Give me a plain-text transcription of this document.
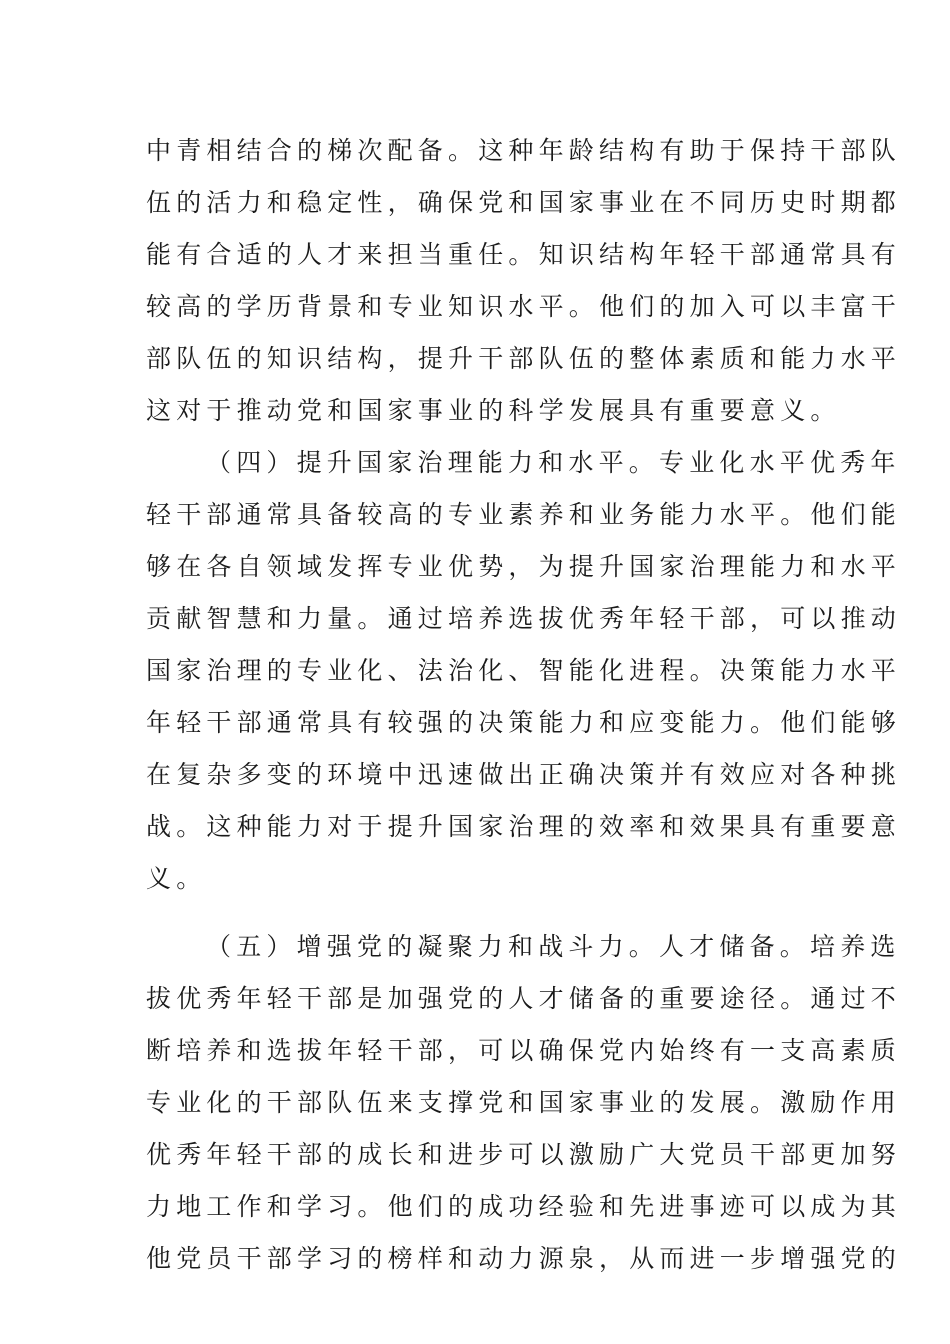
中青相结合的梯次配备。这种年龄结构有助于保持干部队
伍的活力和稳定性，确保党和国家事业在不同历史时期都
能有合适的人才来担当重任。知识结构年轻干部通常具有
较高的学历背景和专业知识水平。他们的加入可以丰富干
部队伍的知识结构，提升干部队伍的整体素质和能力水平
这对于推动党和国家事业的科学发展具有重要意义。
（四）提升国家治理能力和水平。专业化水平优秀年
轻干部通常具备较高的专业素养和业务能力水平。他们能
够在各自领域发挥专业优势，为提升国家治理能力和水平
贡献智慧和力量。通过培养选拔优秀年轻干部，可以推动
国家治理的专业化、法治化、智能化进程。决策能力水平
年轻干部通常具有较强的决策能力和应变能力。他们能够
在复杂多变的环境中迅速做出正确决策并有效应对各种挑
战。这种能力对于提升国家治理的效率和效果具有重要意
义。
（五）增强党的凝聚力和战斗力。人才储备。培养选
拔优秀年轻干部是加强党的人才储备的重要途径。通过不
断培养和选拔年轻干部，可以确保党内始终有一支高素质
专业化的干部队伍来支撑党和国家事业的发展。激励作用
优秀年轻干部的成长和进步可以激励广大党员干部更加努
力地工作和学习。他们的成功经验和先进事迹可以成为其
他党员干部学习的榜样和动力源泉，从而进一步增强党的
